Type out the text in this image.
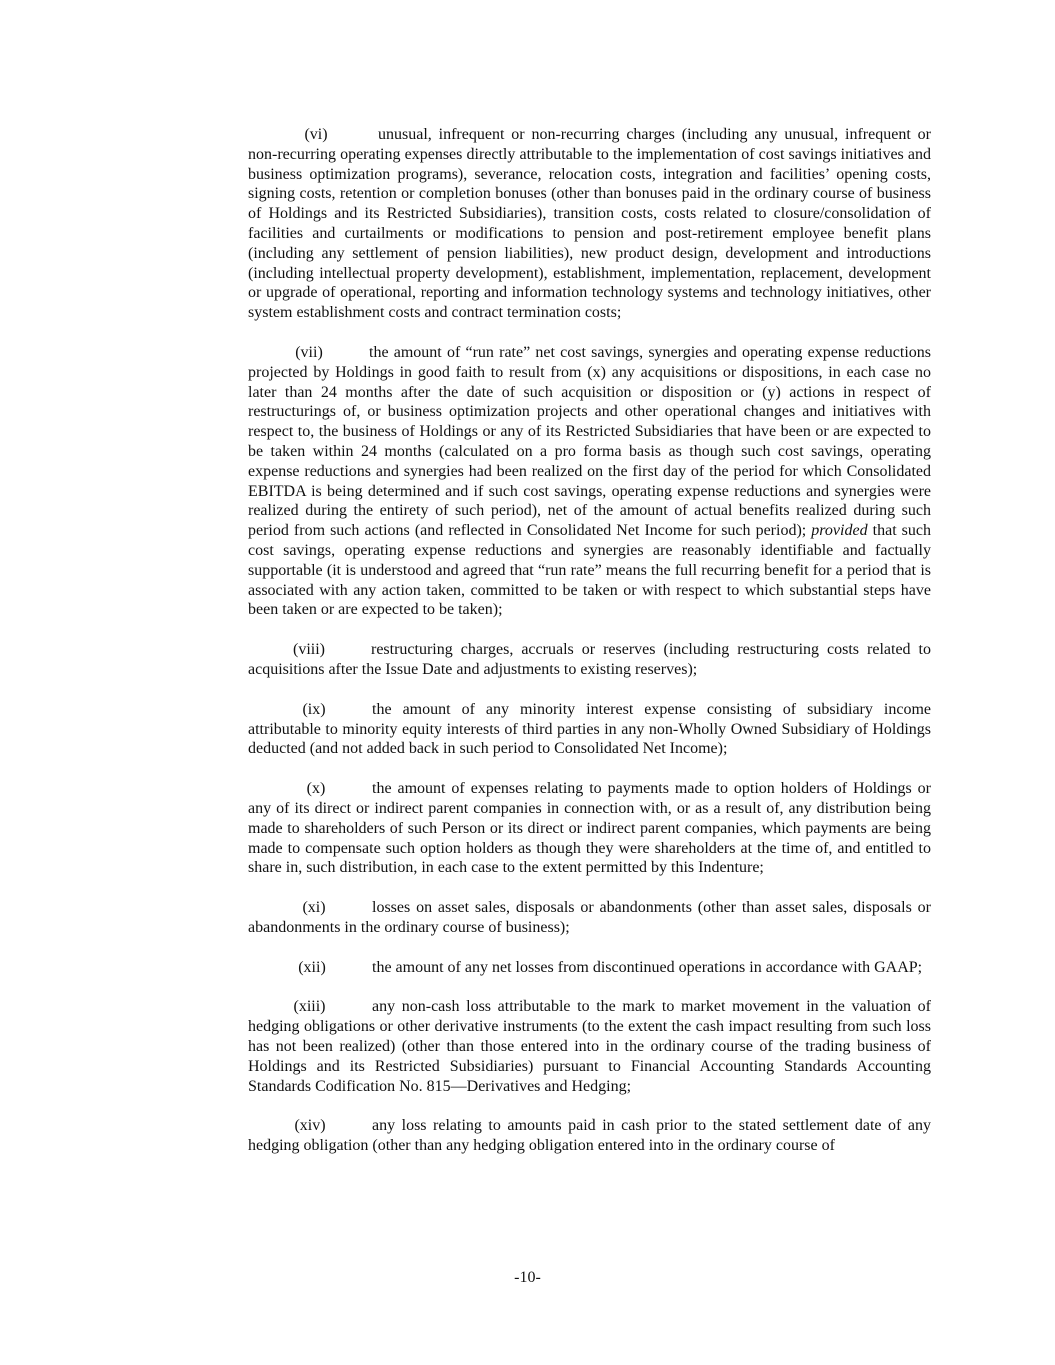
(vi)	unusual, infrequent or non-recurring charges (including any unusual, infrequent or non-recurring operating expenses directly attributable to the implementation of cost savings initiatives and business optimization programs), severance, relocation costs, integration and facilities’ opening costs, signing costs, retention or completion bonuses (other than bonuses paid in the ordinary course of business of Holdings and its Restricted Subsidiaries), transition costs, costs related to closure/consolidation of facilities and curtailments or modifications to pension and post-retirement employee benefit plans (including any settlement of pension liabilities), new product design, development and introductions (including intellectual property development), establishment, implementation, replacement, development or upgrade of operational, reporting and information technology systems and technology initiatives, other system establishment costs and contract termination costs;

(vii)	the amount of “run rate” net cost savings, synergies and operating expense reductions projected by Holdings in good faith to result from (x) any acquisitions or dispositions, in each case no later than 24 months after the date of such acquisition or disposition or (y) actions in respect of restructurings of, or business optimization projects and other operational changes and initiatives with respect to, the business of Holdings or any of its Restricted Subsidiaries that have been or are expected to be taken within 24 months (calculated on a pro forma basis as though such cost savings, operating expense reductions and synergies had been realized on the first day of the period for which Consolidated EBITDA is being determined and if such cost savings, operating expense reductions and synergies were realized during the entirety of such period), net of the amount of actual benefits realized during such period from such actions (and reflected in Consolidated Net Income for such period); provided that such cost savings, operating expense reductions and synergies are reasonably identifiable and factually supportable (it is understood and agreed that “run rate” means the full recurring benefit for a period that is associated with any action taken, committed to be taken or with respect to which substantial steps have been taken or are expected to be taken);

(viii)	restructuring charges, accruals or reserves (including restructuring costs related to acquisitions after the Issue Date and adjustments to existing reserves);

(ix)	the amount of any minority interest expense consisting of subsidiary income attributable to minority equity interests of third parties in any non-Wholly Owned Subsidiary of Holdings deducted (and not added back in such period to Consolidated Net Income);

(x)	the amount of expenses relating to payments made to option holders of Holdings or any of its direct or indirect parent companies in connection with, or as a result of, any distribution being made to shareholders of such Person or its direct or indirect parent companies, which payments are being made to compensate such option holders as though they were shareholders at the time of, and entitled to share in, such distribution, in each case to the extent permitted by this Indenture;

(xi)	losses on asset sales, disposals or abandonments (other than asset sales, disposals or abandonments in the ordinary course of business);

(xii)	the amount of any net losses from discontinued operations in accordance with GAAP;

(xiii)	any non-cash loss attributable to the mark to market movement in the valuation of hedging obligations or other derivative instruments (to the extent the cash impact resulting from such loss has not been realized) (other than those entered into in the ordinary course of the trading business of Holdings and its Restricted Subsidiaries) pursuant to Financial Accounting Standards Accounting Standards Codification No. 815—Derivatives and Hedging;

(xiv)	any loss relating to amounts paid in cash prior to the stated settlement date of any hedging obligation (other than any hedging obligation entered into in the ordinary course of

-10-
